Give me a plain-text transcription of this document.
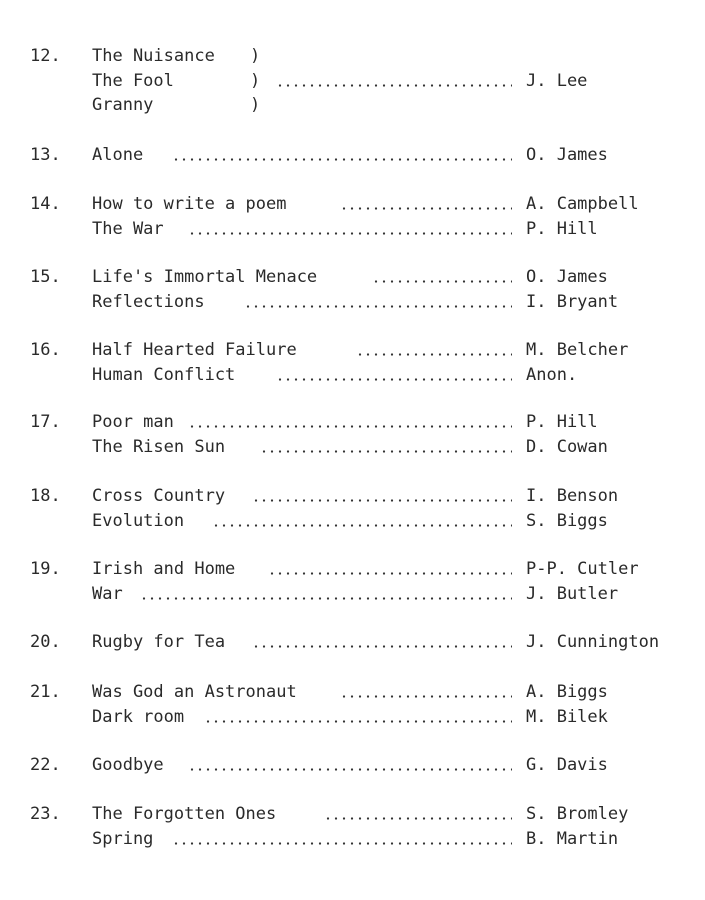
12.	The Nuisance )
The Fool	)	J. Lee
Granny	)
13.	Alone	O. James
14.	How to write a poem	A. Campbell
The War	P. Hill
15.	Life's Immortal Menace	O. James
Reflections	I. Bryant
16.	Half Hearted Failure	M. Belcher
Human Conflict	Anon.
17.	Poor man	P. Hill
The Risen Sun	D. Cowan
18.	Cross Country	I. Benson
Evolution	S. Biggs
19.	Irish and Home	P-P. Cutler
War	J. Butler
20.	Rugby for Tea	J. Cunnington
21.	Was God an Astronaut	A. Biggs
Dark room	M. Bilek
22.	Goodbye	G. Davis
23.	The Forgotten Ones	S. Bromley
Spring	B. Martin
